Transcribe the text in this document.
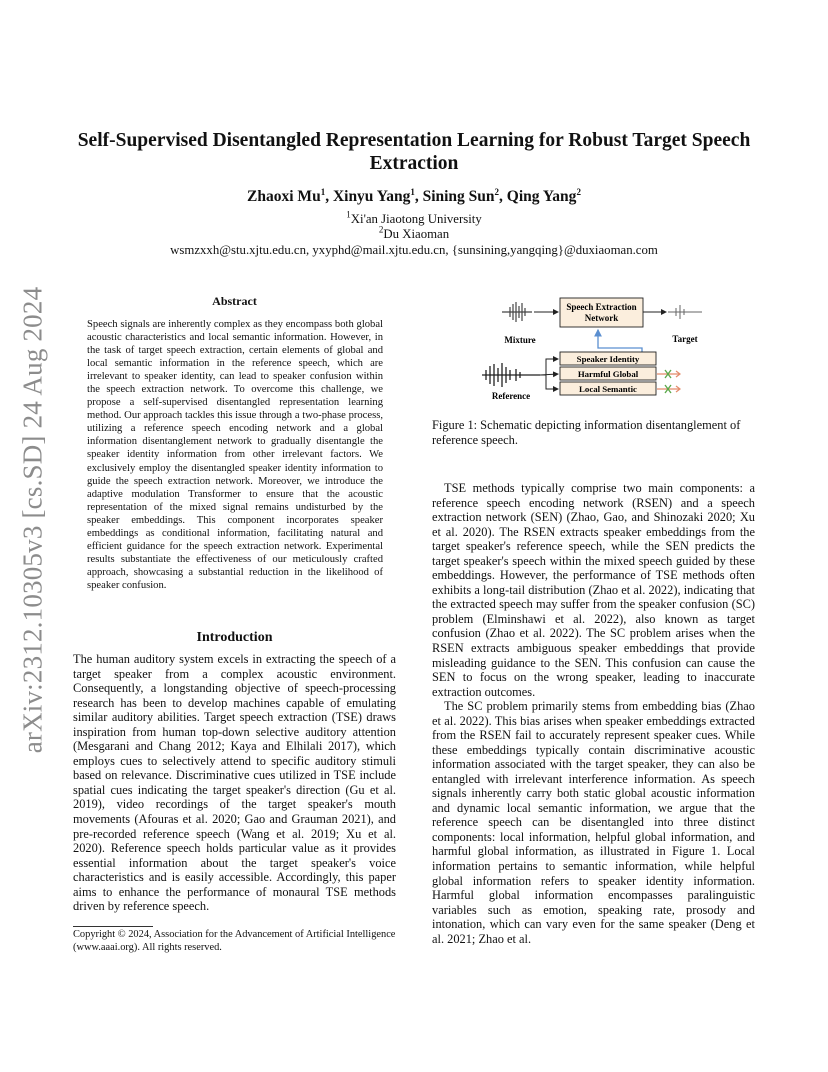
arXiv:2312.10305v3 [cs.SD] 24 Aug 2024
Self-Supervised Disentangled Representation Learning for Robust Target Speech Extraction
Zhaoxi Mu$^1$, Xinyu Yang$^1$, Sining Sun$^2$, Qing Yang$^2$
$^1$Xi'an Jiaotong University
$^2$Du Xiaoman
wsmzxxh@stu.xjtu.edu.cn, yxyphd@mail.xjtu.edu.cn, {sunsining,yangqing}@duxiaoman.com
Abstract

Speech signals are inherently complex as they encompass both global acoustic characteristics and local semantic information. However, in the task of target speech extraction, certain elements of global and local semantic information in the reference speech, which are irrelevant to speaker identity, can lead to speaker confusion within the speech extraction network. To overcome this challenge, we propose a self-supervised disentangled representation learning method. Our approach tackles this issue through a two-phase process, utilizing a reference speech encoding network and a global information disentanglement network to gradually disentangle the speaker identity information from other irrelevant factors. We exclusively employ the disentangled speaker identity information to guide the speech extraction network. Moreover, we introduce the adaptive modulation Transformer to ensure that the acoustic representation of the mixed signal remains undisturbed by the speaker embeddings. This component incorporates speaker embeddings as conditional information, facilitating natural and efficient guidance for the speech extraction network. Experimental results substantiate the effectiveness of our meticulously crafted approach, showcasing a substantial reduction in the likelihood of speaker confusion.

Introduction

The human auditory system excels in extracting the speech of a target speaker from a complex acoustic environment. Consequently, a longstanding objective of speech-processing research has been to develop machines capable of emulating similar auditory abilities. Target speech extraction (TSE) draws inspiration from human top-down selective auditory attention (Mesgarani and Chang 2012; Kaya and Elhilali 2017), which employs cues to selectively attend to specific auditory stimuli based on relevance. Discriminative cues utilized in TSE include spatial cues indicating the target speaker's direction (Gu et al. 2019), video recordings of the target speaker's mouth movements (Afouras et al. 2020; Gao and Grauman 2021), and pre-recorded reference speech (Wang et al. 2019; Xu et al. 2020). Reference speech holds particular value as it provides essential information about the target speaker's voice characteristics and is easily accessible. Accordingly, this paper aims to enhance the performance of monaural TSE methods driven by reference speech.

Copyright © 2024, Association for the Advancement of Artificial Intelligence (www.aaai.org). All rights reserved.

Speech Extraction
Network
Mixture	Target
Reference
Speaker Identity
Harmful Global
Local Semantic

Figure 1: Schematic depicting information disentanglement of reference speech.

TSE methods typically comprise two main components: a reference speech encoding network (RSEN) and a speech extraction network (SEN) (Zhao, Gao, and Shinozaki 2020; Xu et al. 2020). The RSEN extracts speaker embeddings from the target speaker's reference speech, while the SEN predicts the target speaker's speech within the mixed speech guided by these embeddings. However, the performance of TSE methods often exhibits a long-tail distribution (Zhao et al. 2022), indicating that the extracted speech may suffer from the speaker confusion (SC) problem (Elminshawi et al. 2022), also known as target confusion (Zhao et al. 2022). The SC problem arises when the RSEN extracts ambiguous speaker embeddings that provide misleading guidance to the SEN. This confusion can cause the SEN to focus on the wrong speaker, leading to inaccurate extraction outcomes.

The SC problem primarily stems from embedding bias (Zhao et al. 2022). This bias arises when speaker embeddings extracted from the RSEN fail to accurately represent speaker cues. While these embeddings typically contain discriminative acoustic information associated with the target speaker, they can also be entangled with irrelevant interference information. As speech signals inherently carry both static global acoustic information and dynamic local semantic information, we argue that the reference speech can be disentangled into three distinct components: local information, helpful global information, and harmful global information, as illustrated in Figure 1. Local information pertains to semantic information, while helpful global information refers to speaker identity information. Harmful global information encompasses paralinguistic variables such as emotion, speaking rate, prosody and intonation, which can vary even for the same speaker (Deng et al. 2021; Zhao et al.
